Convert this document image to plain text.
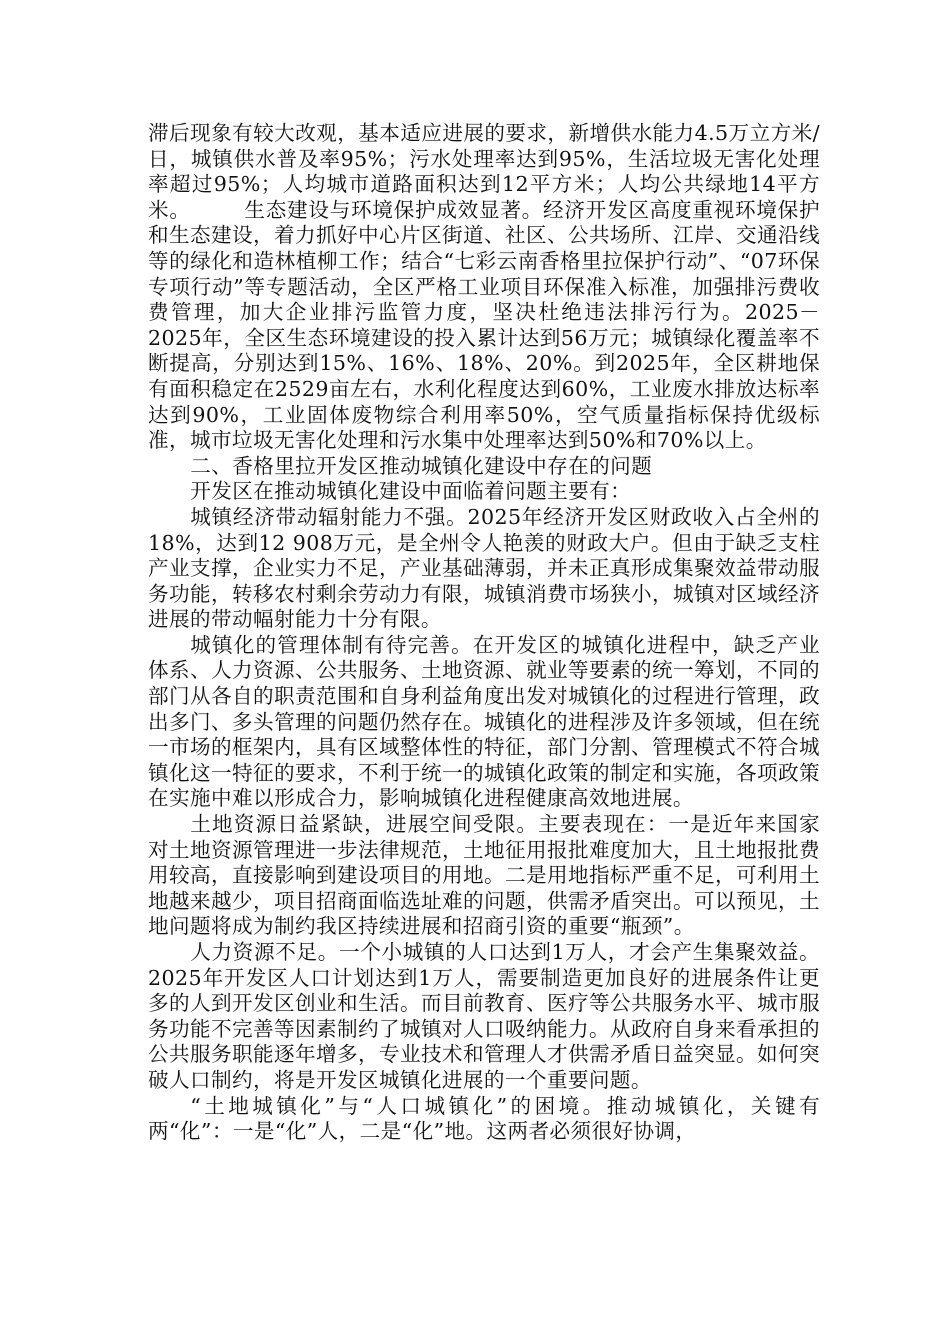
滞后现象有较大改观，基本适应进展的要求，新增供水能力4.5万立方米/日，城镇供水普及率95%；污水处理率达到95%，生活垃圾无害化处理率超过95%；人均城市道路面积达到12平方米；人均公共绿地14平方米。　　　生态建设与环境保护成效显著。经济开发区高度重视环境保护和生态建设，着力抓好中心片区街道、社区、公共场所、江岸、交通沿线等的绿化和造林植柳工作；结合“七彩云南香格里拉保护行动”、“07环保专项行动”等专题活动，全区严格工业项目环保准入标准，加强排污费收费管理，加大企业排污监管力度，坚决杜绝违法排污行为。2025－2025年，全区生态环境建设的投入累计达到56万元；城镇绿化覆盖率不断提高，分别达到15%、16%、18%、20%。到2025年，全区耕地保有面积稳定在2529亩左右，水利化程度达到60%，工业废水排放达标率达到90%，工业固体废物综合利用率50%，空气质量指标保持优级标准，城市垃圾无害化处理和污水集中处理率达到50%和70%以上。

二、香格里拉开发区推动城镇化建设中存在的问题

开发区在推动城镇化建设中面临着问题主要有：

城镇经济带动辐射能力不强。2025年经济开发区财政收入占全州的 18%，达到12 908万元，是全州令人艳羡的财政大户。但由于缺乏支柱产业支撑，企业实力不足，产业基础薄弱，并未正真形成集聚效益带动服务功能，转移农村剩余劳动力有限，城镇消费市场狭小，城镇对区域经济进展的带动幅射能力十分有限。

城镇化的管理体制有待完善。在开发区的城镇化进程中，缺乏产业体系、人力资源、公共服务、土地资源、就业等要素的统一筹划，不同的部门从各自的职责范围和自身利益角度出发对城镇化的过程进行管理，政出多门、多头管理的问题仍然存在。城镇化的进程涉及许多领域，但在统一市场的框架内，具有区域整体性的特征，部门分割、管理模式不符合城镇化这一特征的要求，不利于统一的城镇化政策的制定和实施，各项政策在实施中难以形成合力，影响城镇化进程健康高效地进展。

土地资源日益紧缺，进展空间受限。主要表现在：一是近年来国家对土地资源管理进一步法律规范，土地征用报批难度加大，且土地报批费用较高，直接影响到建设项目的用地。二是用地指标严重不足，可利用土地越来越少，项目招商面临选址难的问题，供需矛盾突出。可以预见，土地问题将成为制约我区持续进展和招商引资的重要“瓶颈”。

人力资源不足。一个小城镇的人口达到1万人，才会产生集聚效益。2025年开发区人口计划达到1万人，需要制造更加良好的进展条件让更多的人到开发区创业和生活。而目前教育、医疗等公共服务水平、城市服务功能不完善等因素制约了城镇对人口吸纳能力。从政府自身来看承担的公共服务职能逐年增多，专业技术和管理人才供需矛盾日益突显。如何突破人口制约，将是开发区城镇化进展的一个重要问题。

“土地城镇化”与“人口城镇化”的困境。推动城镇化，关键有两“化”：一是“化”人，二是“化”地。这两者必须很好协调，
